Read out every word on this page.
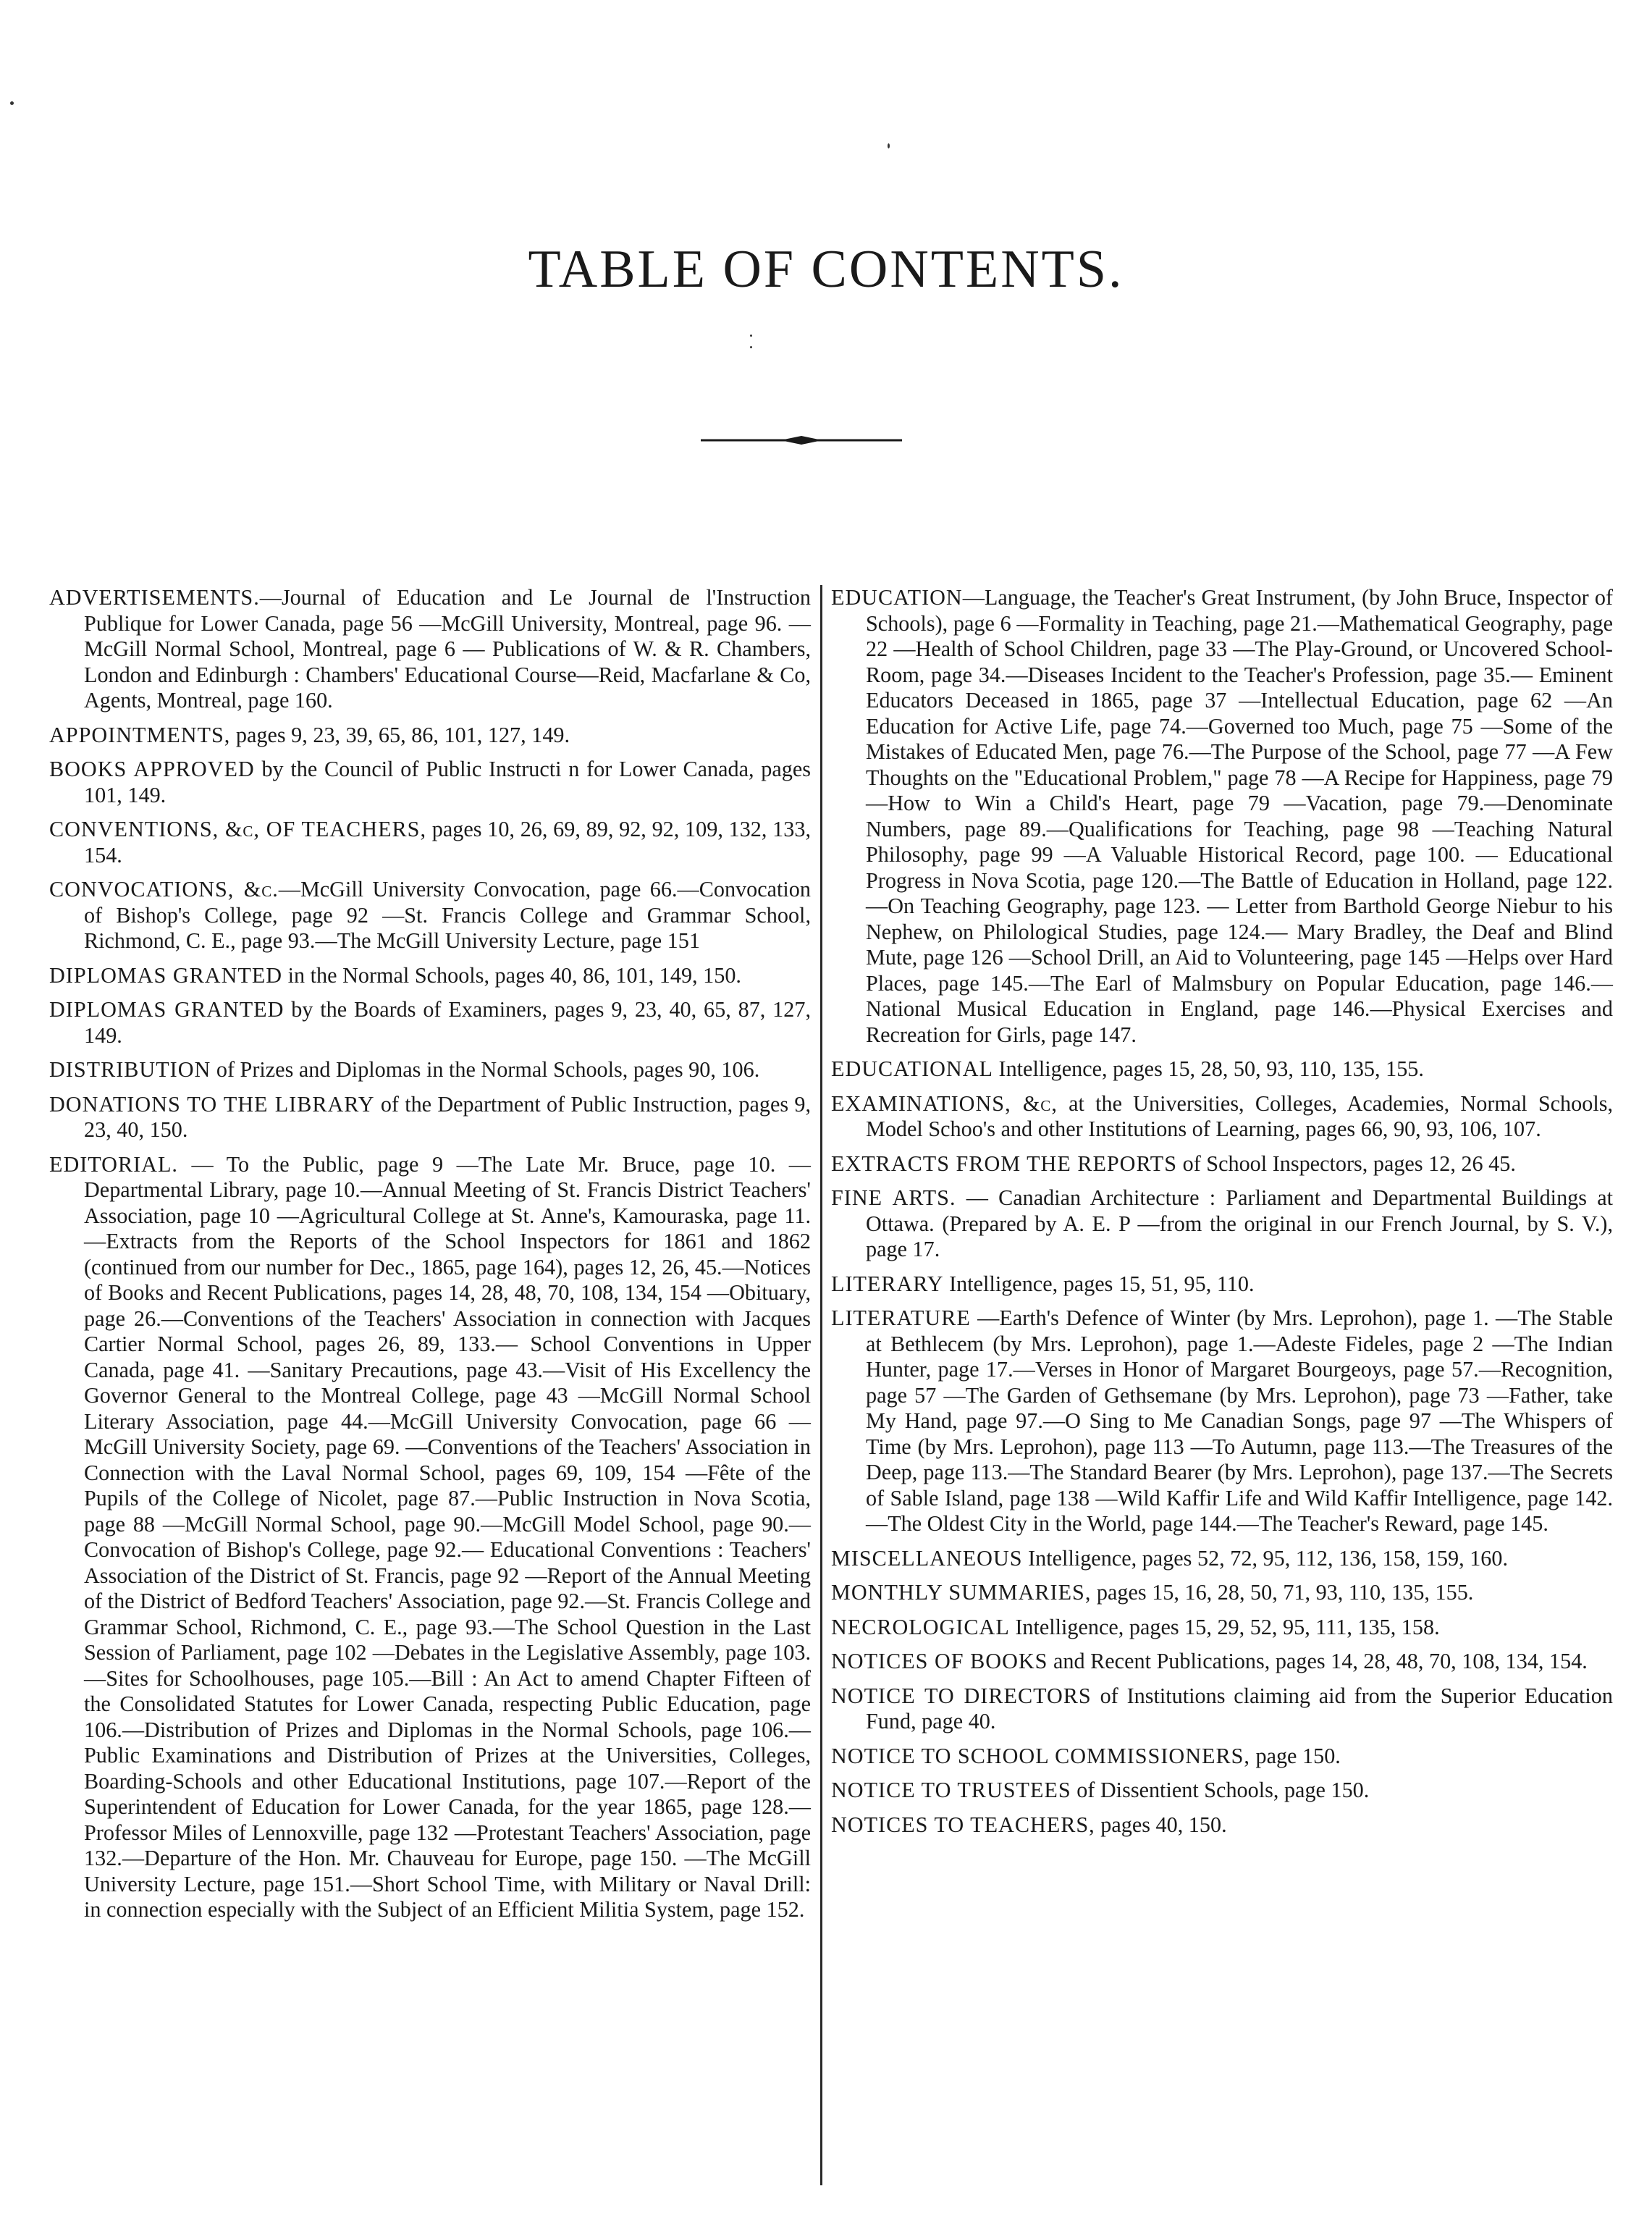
TABLE OF CONTENTS.

ADVERTISEMENTS.—Journal of Education and Le Journal de l'Instruction Publique for Lower Canada, page 56 —McGill University, Montreal, page 96. — McGill Normal School, Montreal, page 6 — Publications of W. & R. Chambers, London and Edinburgh : Chambers' Educational Course—Reid, Macfarlane & Co, Agents, Montreal, page 160.

APPOINTMENTS, pages 9, 23, 39, 65, 86, 101, 127, 149.

BOOKS APPROVED by the Council of Public Instructi n for Lower Canada, pages 101, 149.

CONVENTIONS, &c, OF TEACHERS, pages 10, 26, 69, 89, 92, 92, 109, 132, 133, 154.

CONVOCATIONS, &c.—McGill University Convocation, page 66.—Convocation of Bishop's College, page 92 —St. Francis College and Grammar School, Richmond, C. E., page 93.—The McGill University Lecture, page 151

DIPLOMAS GRANTED in the Normal Schools, pages 40, 86, 101, 149, 150.

DIPLOMAS GRANTED by the Boards of Examiners, pages 9, 23, 40, 65, 87, 127, 149.

DISTRIBUTION of Prizes and Diplomas in the Normal Schools, pages 90, 106.

DONATIONS TO THE LIBRARY of the Department of Public Instruction, pages 9, 23, 40, 150.

EDITORIAL. — To the Public, page 9 —The Late Mr. Bruce, page 10. —Departmental Library, page 10.—Annual Meeting of St. Francis District Teachers' Association, page 10 —Agricultural College at St. Anne's, Kamouraska, page 11.—Extracts from the Reports of the School Inspectors for 1861 and 1862 (continued from our number for Dec., 1865, page 164), pages 12, 26, 45.—Notices of Books and Recent Publications, pages 14, 28, 48, 70, 108, 134, 154 —Obituary, page 26.—Conventions of the Teachers' Association in connection with Jacques Cartier Normal School, pages 26, 89, 133.— School Conventions in Upper Canada, page 41. —Sanitary Precautions, page 43.—Visit of His Excellency the Governor General to the Montreal College, page 43 —McGill Normal School Literary Association, page 44.—McGill University Convocation, page 66 — McGill University Society, page 69. —Conventions of the Teachers' Association in Connection with the Laval Normal School, pages 69, 109, 154 —Fête of the Pupils of the College of Nicolet, page 87.—Public Instruction in Nova Scotia, page 88 —McGill Normal School, page 90.—McGill Model School, page 90.—Convocation of Bishop's College, page 92.— Educational Conventions : Teachers' Association of the District of St. Francis, page 92 —Report of the Annual Meeting of the District of Bedford Teachers' Association, page 92.—St. Francis College and Grammar School, Richmond, C. E., page 93.—The School Question in the Last Session of Parliament, page 102 —Debates in the Legislative Assembly, page 103.—Sites for Schoolhouses, page 105.—Bill : An Act to amend Chapter Fifteen of the Consolidated Statutes for Lower Canada, respecting Public Education, page 106.—Distribution of Prizes and Diplomas in the Normal Schools, page 106.—Public Examinations and Distribution of Prizes at the Universities, Colleges, Boarding-Schools and other Educational Institutions, page 107.—Report of the Superintendent of Education for Lower Canada, for the year 1865, page 128.—Professor Miles of Lennoxville, page 132 —Protestant Teachers' Association, page 132.—Departure of the Hon. Mr. Chauveau for Europe, page 150. —The McGill University Lecture, page 151.—Short School Time, with Military or Naval Drill: in connection especially with the Subject of an Efficient Militia System, page 152.

EDUCATION—Language, the Teacher's Great Instrument, (by John Bruce, Inspector of Schools), page 6 —Formality in Teaching, page 21.—Mathematical Geography, page 22 —Health of School Children, page 33 —The Play-Ground, or Uncovered School-Room, page 34.—Diseases Incident to the Teacher's Profession, page 35.— Eminent Educators Deceased in 1865, page 37 —Intellectual Education, page 62 —An Education for Active Life, page 74.—Governed too Much, page 75 —Some of the Mistakes of Educated Men, page 76.—The Purpose of the School, page 77 —A Few Thoughts on the "Educational Problem," page 78 —A Recipe for Happiness, page 79 —How to Win a Child's Heart, page 79 —Vacation, page 79.—Denominate Numbers, page 89.—Qualifications for Teaching, page 98 —Teaching Natural Philosophy, page 99 —A Valuable Historical Record, page 100. — Educational Progress in Nova Scotia, page 120.—The Battle of Education in Holland, page 122. —On Teaching Geography, page 123. — Letter from Barthold George Niebur to his Nephew, on Philological Studies, page 124.— Mary Bradley, the Deaf and Blind Mute, page 126 —School Drill, an Aid to Volunteering, page 145 —Helps over Hard Places, page 145.—The Earl of Malmsbury on Popular Education, page 146.— National Musical Education in England, page 146.—Physical Exercises and Recreation for Girls, page 147.

EDUCATIONAL Intelligence, pages 15, 28, 50, 93, 110, 135, 155.

EXAMINATIONS, &c, at the Universities, Colleges, Academies, Normal Schools, Model Schoo's and other Institutions of Learning, pages 66, 90, 93, 106, 107.

EXTRACTS FROM THE REPORTS of School Inspectors, pages 12, 26 45.

FINE ARTS. — Canadian Architecture : Parliament and Departmental Buildings at Ottawa. (Prepared by A. E. P —from the original in our French Journal, by S. V.), page 17.

LITERARY Intelligence, pages 15, 51, 95, 110.

LITERATURE —Earth's Defence of Winter (by Mrs. Leprohon), page 1. —The Stable at Bethlecem (by Mrs. Leprohon), page 1.—Adeste Fideles, page 2 —The Indian Hunter, page 17.—Verses in Honor of Margaret Bourgeoys, page 57.—Recognition, page 57 —The Garden of Gethsemane (by Mrs. Leprohon), page 73 —Father, take My Hand, page 97.—O Sing to Me Canadian Songs, page 97 —The Whispers of Time (by Mrs. Leprohon), page 113 —To Autumn, page 113.—The Treasures of the Deep, page 113.—The Standard Bearer (by Mrs. Leprohon), page 137.—The Secrets of Sable Island, page 138 —Wild Kaffir Life and Wild Kaffir Intelligence, page 142. —The Oldest City in the World, page 144.—The Teacher's Reward, page 145.

MISCELLANEOUS Intelligence, pages 52, 72, 95, 112, 136, 158, 159, 160.

MONTHLY SUMMARIES, pages 15, 16, 28, 50, 71, 93, 110, 135, 155.

NECROLOGICAL Intelligence, pages 15, 29, 52, 95, 111, 135, 158.

NOTICES OF BOOKS and Recent Publications, pages 14, 28, 48, 70, 108, 134, 154.

NOTICE TO DIRECTORS of Institutions claiming aid from the Superior Education Fund, page 40.

NOTICE TO SCHOOL COMMISSIONERS, page 150.

NOTICE TO TRUSTEES of Dissentient Schools, page 150.

NOTICES TO TEACHERS, pages 40, 150.
